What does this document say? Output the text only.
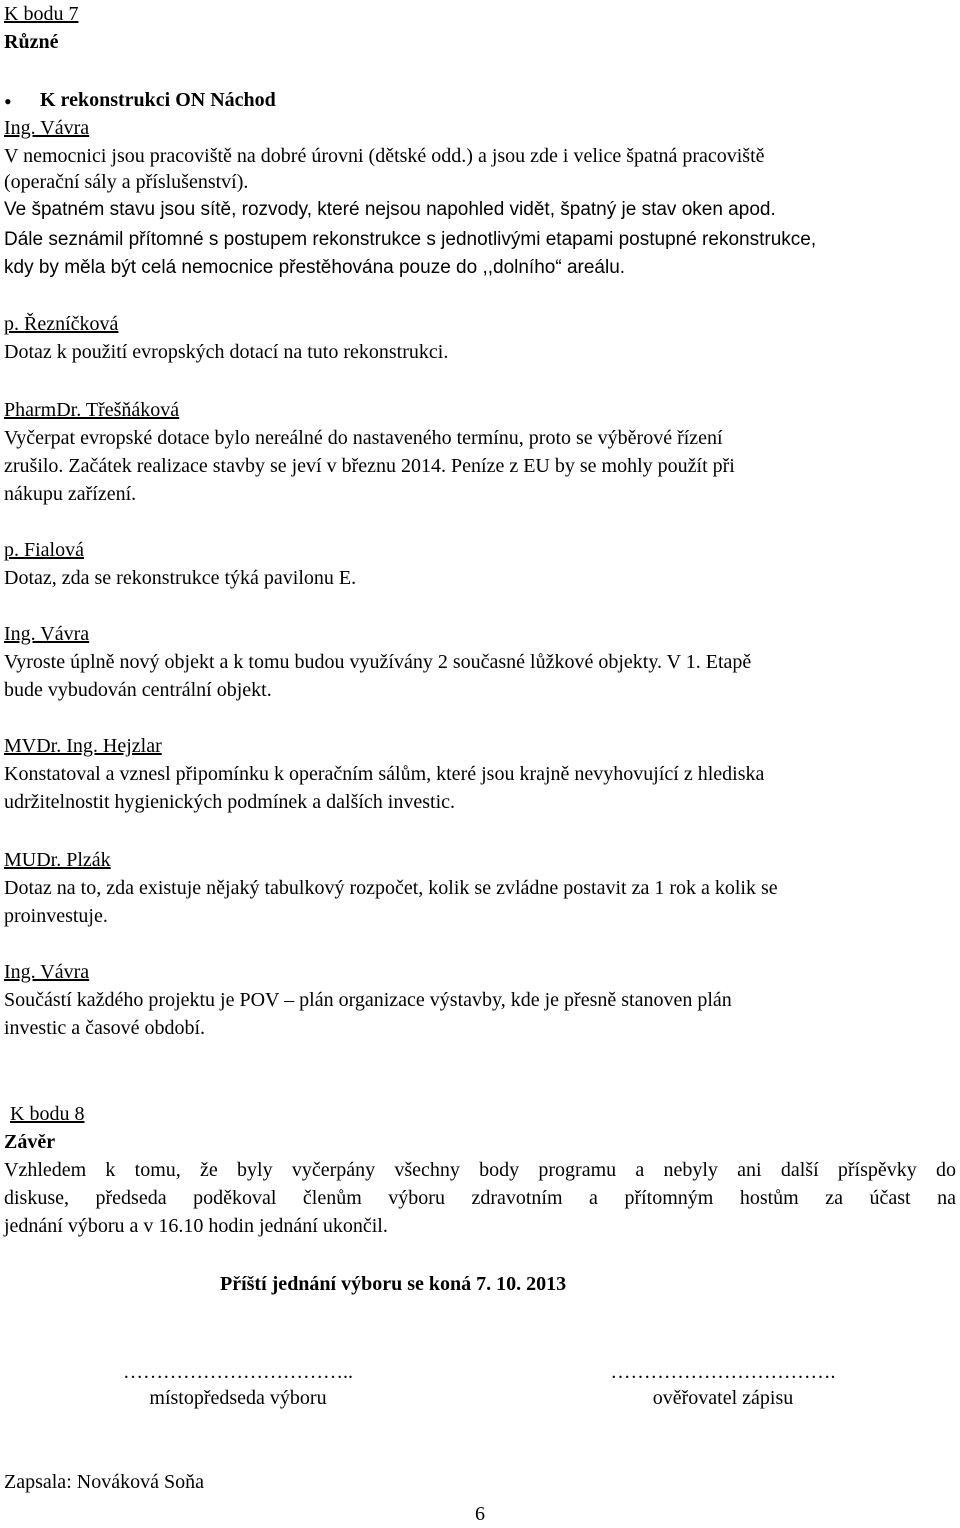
K bodu 7
Různé
• K rekonstrukci ON Náchod
Ing. Vávra
V nemocnici jsou pracoviště na dobré úrovni (dětské odd.) a jsou zde i velice špatná pracoviště
(operační sály a příslušenství).
Ve špatném stavu jsou sítě, rozvody, které nejsou napohled vidět, špatný je stav oken apod.
Dále seznámil přítomné s postupem rekonstrukce s jednotlivými etapami postupné rekonstrukce,
kdy by měla být celá nemocnice přestěhována pouze do ,,dolního“ areálu.
p. Řezníčková
Dotaz k použití evropských dotací na tuto rekonstrukci.
PharmDr. Třešňáková
Vyčerpat evropské dotace bylo nereálné do nastaveného termínu, proto se výběrové řízení
zrušilo. Začátek realizace stavby se jeví v březnu 2014. Peníze z EU by se mohly použít při
nákupu zařízení.
p. Fialová
Dotaz, zda se rekonstrukce týká pavilonu E.
Ing. Vávra
Vyroste úplně nový objekt a k tomu budou využívány 2 současné lůžkové objekty. V 1. Etapě
bude vybudován centrální objekt.
MVDr. Ing. Hejzlar
Konstatoval a vznesl připomínku k operačním sálům, které jsou krajně nevyhovující z hlediska
udržitelnostit hygienických podmínek a dalších investic.
MUDr. Plzák
Dotaz na to, zda existuje nějaký tabulkový rozpočet, kolik se zvládne postavit za 1 rok a kolik se
proinvestuje.
Ing. Vávra
Součástí každého projektu je POV – plán organizace výstavby, kde je přesně stanoven plán
investic a časové období.
K bodu 8
Závěr
Vzhledem k tomu, že byly vyčerpány všechny body programu a nebyly ani další příspěvky do
diskuse, předseda poděkoval členům výboru zdravotním a přítomným hostům za účast na
jednání výboru a v 16.10 hodin jednání ukončil.
Příští jednání výboru se koná 7. 10. 2013
……………………………..
místopředseda výboru
…………………………….
ověřovatel zápisu
Zapsala: Nováková Soňa
6
